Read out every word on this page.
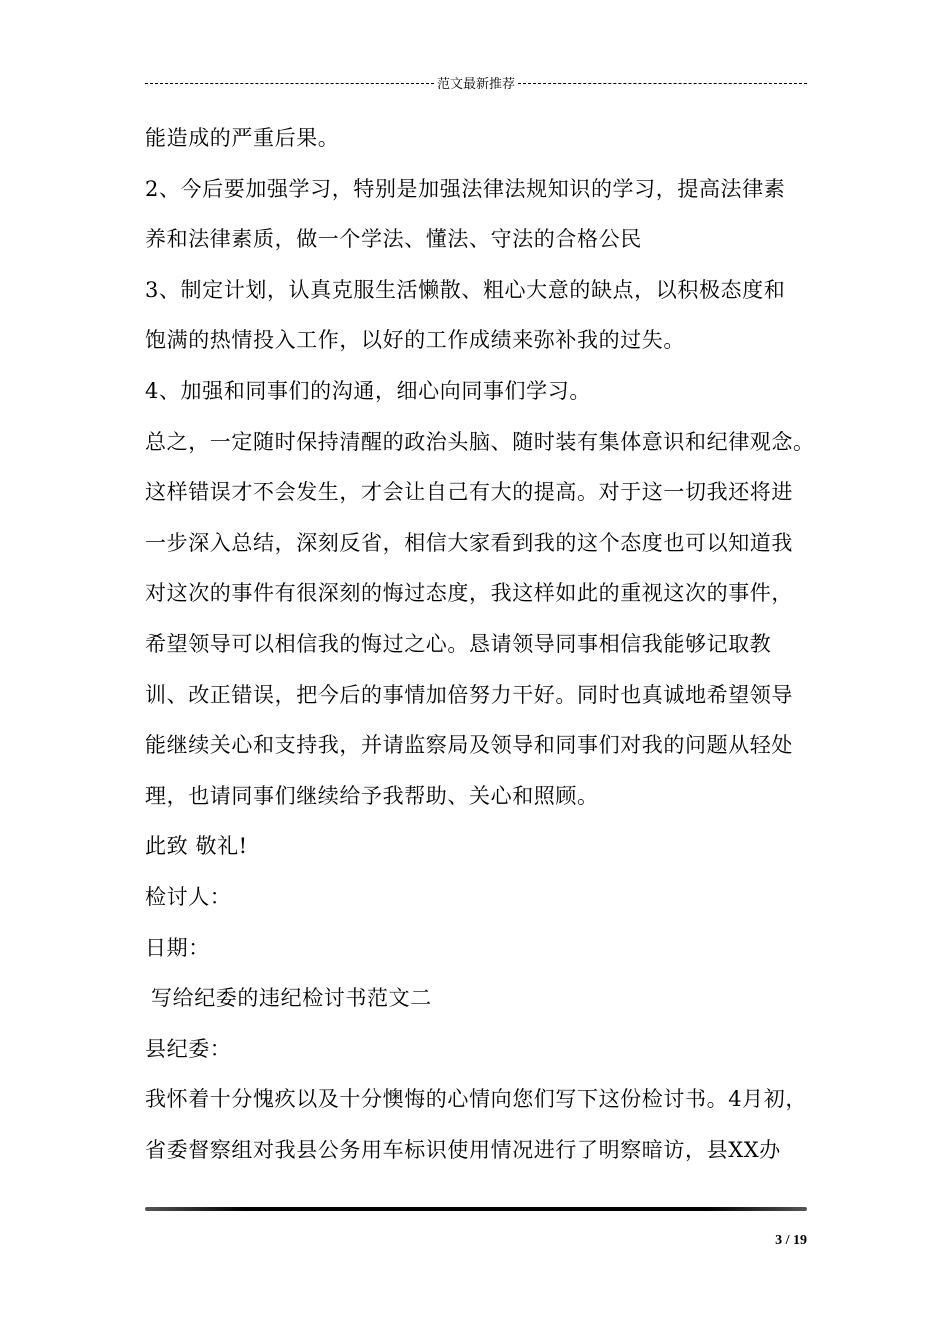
范文最新推荐
能造成的严重后果。
2、今后要加强学习，特别是加强法律法规知识的学习，提高法律素
养和法律素质，做一个学法、懂法、守法的合格公民
3、制定计划，认真克服生活懒散、粗心大意的缺点，以积极态度和
饱满的热情投入工作，以好的工作成绩来弥补我的过失。
4、加强和同事们的沟通，细心向同事们学习。
总之，一定随时保持清醒的政治头脑、随时装有集体意识和纪律观念。
这样错误才不会发生，才会让自己有大的提高。对于这一切我还将进
一步深入总结，深刻反省，相信大家看到我的这个态度也可以知道我
对这次的事件有很深刻的悔过态度，我这样如此的重视这次的事件，
希望领导可以相信我的悔过之心。恳请领导同事相信我能够记取教
训、改正错误，把今后的事情加倍努力干好。同时也真诚地希望领导
能继续关心和支持我，并请监察局及领导和同事们对我的问题从轻处
理，也请同事们继续给予我帮助、关心和照顾。
此致 敬礼!
检讨人：
日期：
写给纪委的违纪检讨书范文二
县纪委：
我怀着十分愧疚以及十分懊悔的心情向您们写下这份检讨书。4月初，
省委督察组对我县公务用车标识使用情况进行了明察暗访，县XX办
3 / 19
